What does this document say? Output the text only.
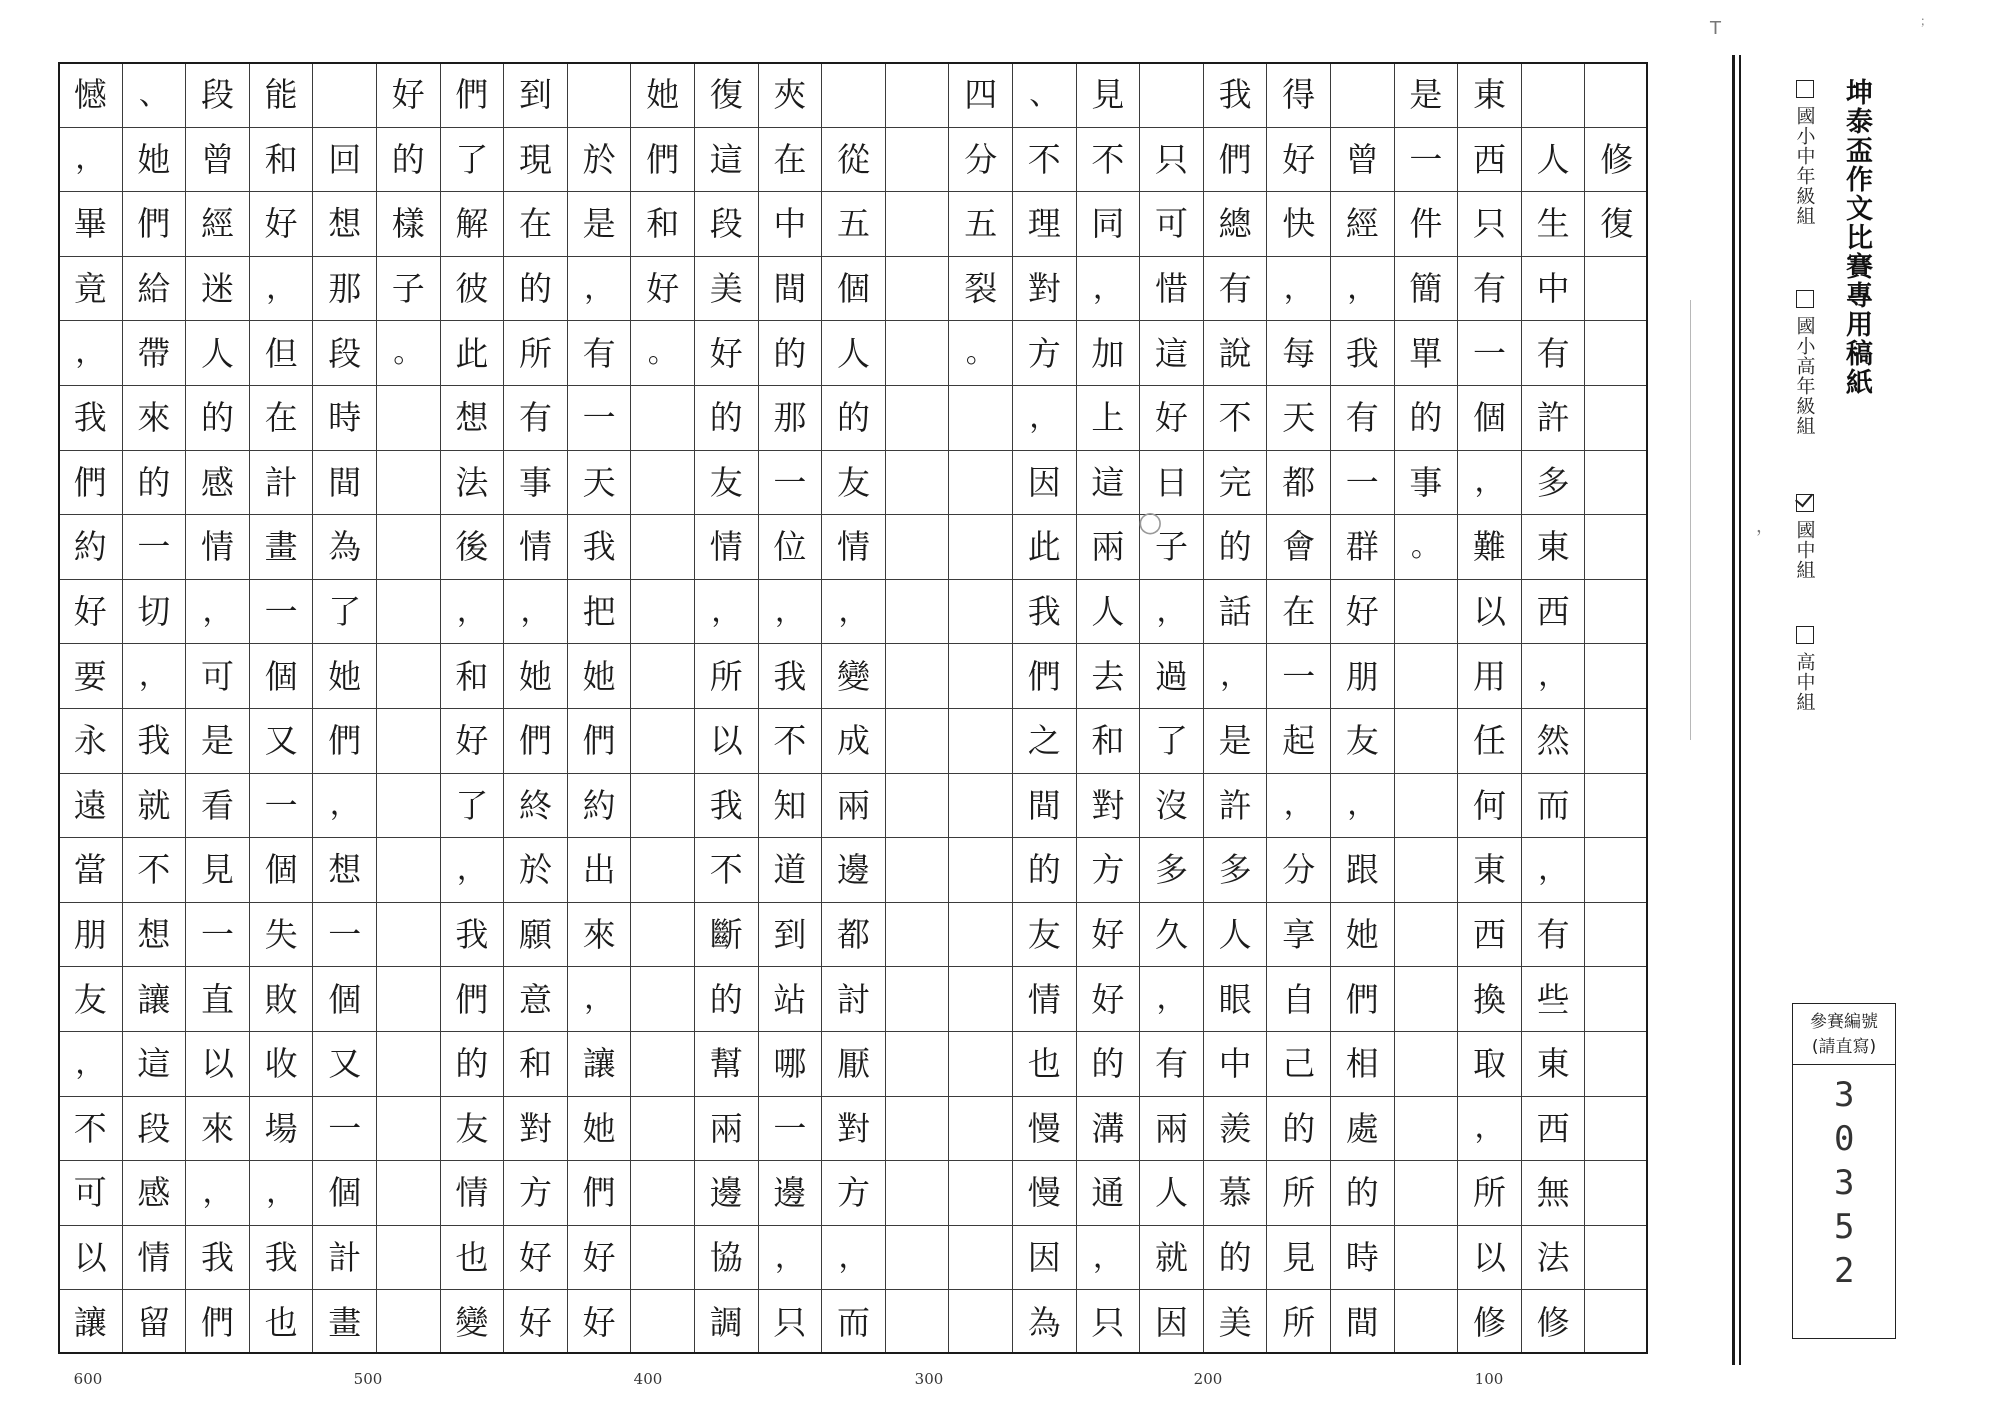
修
復
人
生
中
有
許
多
東
西
，
然
而
，
有
些
東
西
無
法
修
東
西
只
有
一
個
，
難
以
用
任
何
東
西
換
取
，
所
以
修
是
一
件
簡
單
的
事
。
曾
經
，
我
有
一
群
好
朋
友
，
跟
她
們
相
處
的
時
間
得
好
快
，
每
天
都
會
在
一
起
，
分
享
自
己
的
所
見
所
我
們
總
有
說
不
完
的
話
，
是
許
多
人
眼
中
羨
慕
的
美
只
可
惜
這
好
日
子
，
過
了
沒
多
久
，
有
兩
人
就
因
見
不
同
，
加
上
這
兩
人
去
和
對
方
好
好
的
溝
通
，
只
、
不
理
對
方
，
因
此
我
們
之
間
的
友
情
也
慢
慢
因
為
四
分
五
裂
。
從
五
個
人
的
友
情
，
變
成
兩
邊
都
討
厭
對
方
，
而
夾
在
中
間
的
那
一
位
，
我
不
知
道
到
站
哪
一
邊
，
只
復
這
段
美
好
的
友
情
，
所
以
我
不
斷
的
幫
兩
邊
協
調
她
們
和
好
。
於
是
，
有
一
天
我
把
她
們
約
出
來
，
讓
她
們
好
好
到
現
在
的
所
有
事
情
，
她
們
終
於
願
意
和
對
方
好
好
們
了
解
彼
此
想
法
後
，
和
好
了
，
我
們
的
友
情
也
變
好
的
樣
子
。
回
想
那
段
時
間
為
了
她
們
，
想
一
個
又
一
個
計
畫
能
和
好
，
但
在
計
畫
一
個
又
一
個
失
敗
收
場
，
我
也
段
曾
經
迷
人
的
感
情
，
可
是
看
見
一
直
以
來
，
我
們
、
她
們
給
帶
來
的
一
切
，
我
就
不
想
讓
這
段
感
情
留
憾
，
畢
竟
，
我
們
約
好
要
永
遠
當
朋
友
，
不
可
以
讓
100
200
300
400
500
600
坤泰盃作文比賽專用稿紙
國小中年級組
國小高年級組
國中組
高中組
參賽編號
(請直寫)
30352
T
，
；
○
